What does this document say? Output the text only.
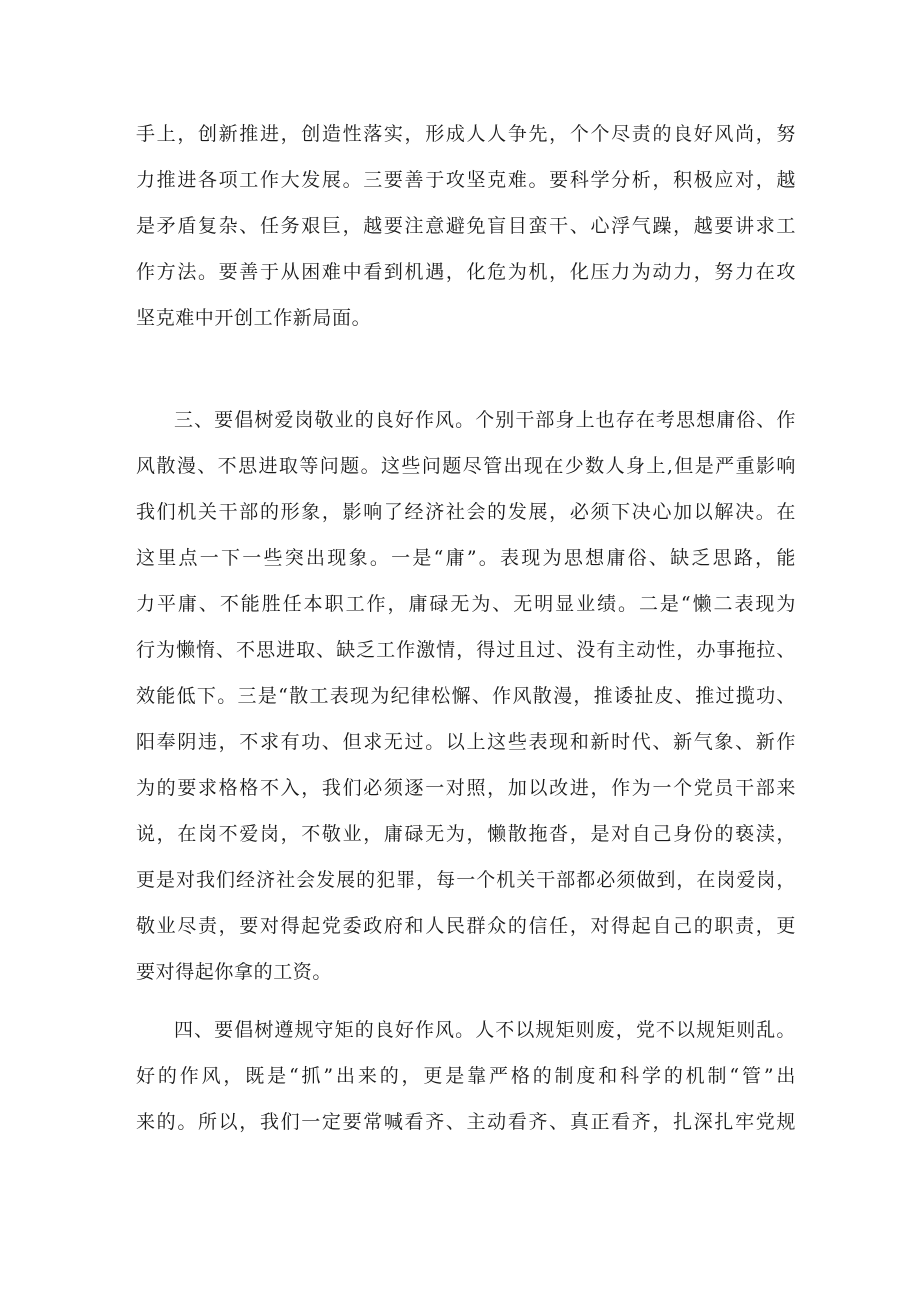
手上，创新推进，创造性落实，形成人人争先，个个尽责的良好风尚，努
力推进各项工作大发展。三要善于攻坚克难。要科学分析，积极应对，越
是矛盾复杂、任务艰巨，越要注意避免盲目蛮干、心浮气躁，越要讲求工
作方法。要善于从困难中看到机遇，化危为机，化压力为动力，努力在攻
坚克难中开创工作新局面。
三、要倡树爱岗敬业的良好作风。个别干部身上也存在考思想庸俗、作
风散漫、不思进取等问题。这些问题尽管出现在少数人身上,但是严重影响
我们机关干部的形象，影响了经济社会的发展，必须下决心加以解决。在
这里点一下一些突出现象。一是“庸”。表现为思想庸俗、缺乏思路，能
力平庸、不能胜任本职工作，庸碌无为、无明显业绩。二是“懒二表现为
行为懒惰、不思进取、缺乏工作激情，得过且过、没有主动性，办事拖拉、
效能低下。三是“散工表现为纪律松懈、作风散漫，推诿扯皮、推过揽功、
阳奉阴违，不求有功、但求无过。以上这些表现和新时代、新气象、新作
为的要求格格不入，我们必须逐一对照，加以改进，作为一个党员干部来
说，在岗不爱岗，不敬业，庸碌无为，懒散拖沓，是对自己身份的亵渎，
更是对我们经济社会发展的犯罪，每一个机关干部都必须做到，在岗爱岗，
敬业尽责，要对得起党委政府和人民群众的信任，对得起自己的职责，更
要对得起你拿的工资。
四、要倡树遵规守矩的良好作风。人不以规矩则废，党不以规矩则乱。
好的作风，既是“抓”出来的，更是靠严格的制度和科学的机制“管”出
来的。所以，我们一定要常喊看齐、主动看齐、真正看齐，扎深扎牢党规
